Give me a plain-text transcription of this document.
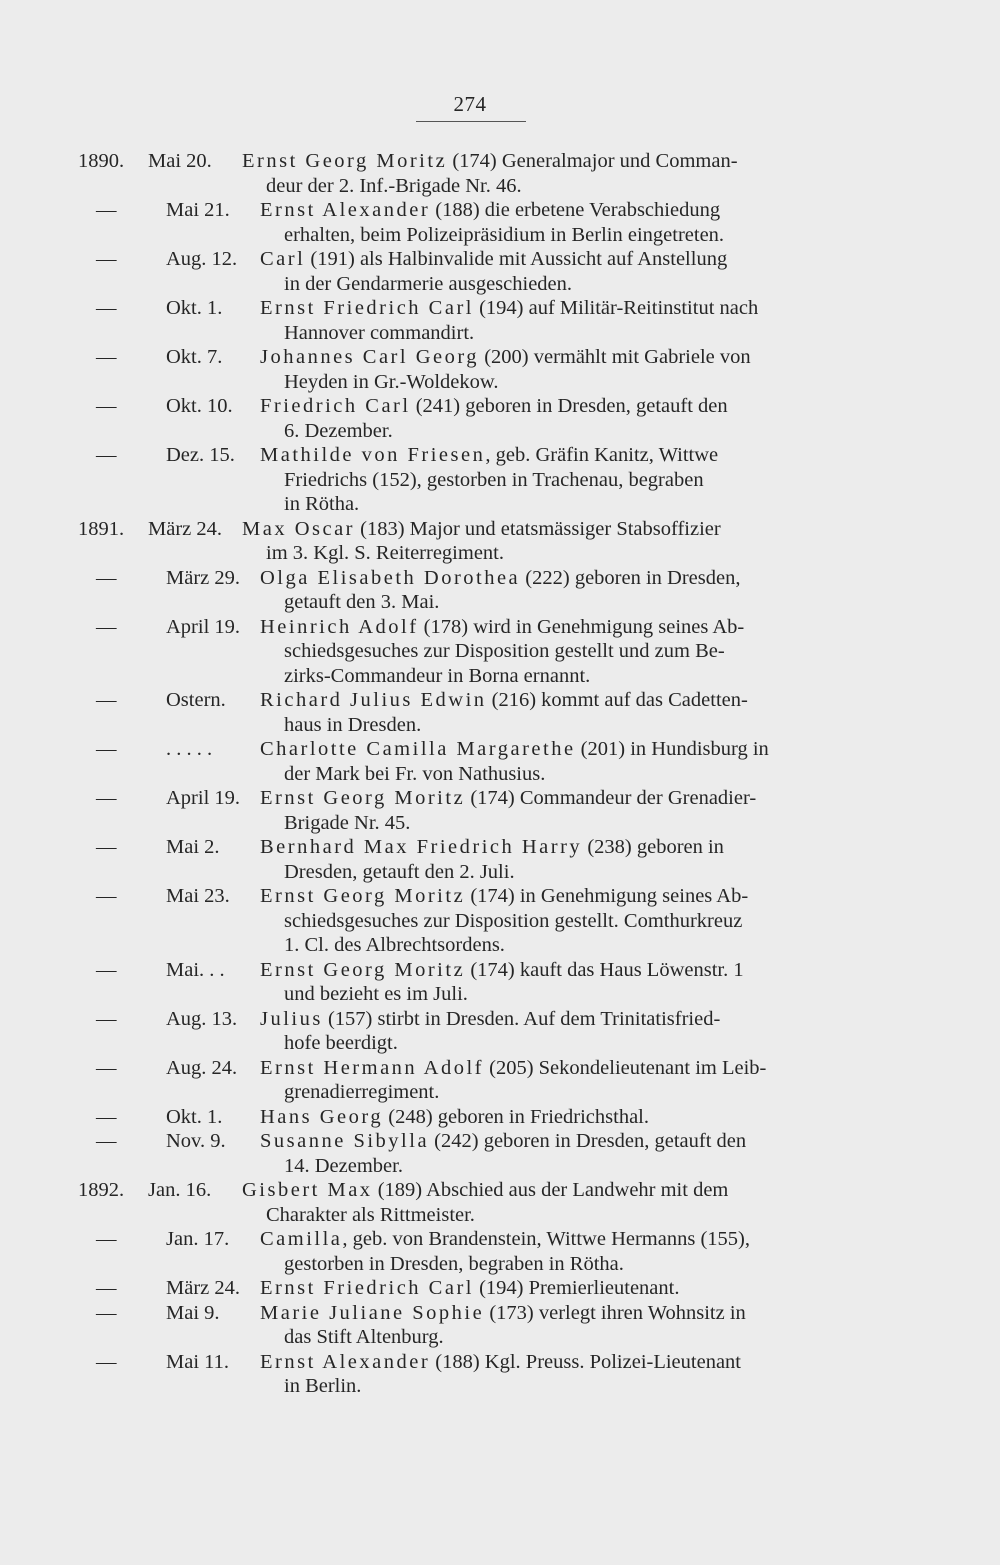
274
1890.	Mai 20.	Ernst Georg Moritz (174) Generalmajor und Comman-
deur der 2. Inf.-Brigade Nr. 46.
—	Mai 21.	Ernst Alexander (188) die erbetene Verabschiedung
erhalten, beim Polizeipräsidium in Berlin eingetreten.
—	Aug. 12.	Carl (191) als Halbinvalide mit Aussicht auf Anstellung
in der Gendarmerie ausgeschieden.
—	Okt. 1.	Ernst Friedrich Carl (194) auf Militär-Reitinstitut nach
Hannover commandirt.
—	Okt. 7.	Johannes Carl Georg (200) vermählt mit Gabriele von
Heyden in Gr.-Woldekow.
—	Okt. 10.	Friedrich Carl (241) geboren in Dresden, getauft den
6. Dezember.
—	Dez. 15.	Mathilde von Friesen, geb. Gräfin Kanitz, Wittwe
Friedrichs (152), gestorben in Trachenau, begraben
in Rötha.
1891.	März 24. Max Oscar (183) Major und etatsmässiger Stabsoffizier
im 3. Kgl. S. Reiterregiment.
—	März 29. Olga Elisabeth Dorothea (222) geboren in Dresden,
getauft den 3. Mai.
—	April 19. Heinrich Adolf (178) wird in Genehmigung seines Ab-
schiedsgesuches zur Disposition gestellt und zum Be-
zirks-Commandeur in Borna ernannt.
—	Ostern.	Richard Julius Edwin (216) kommt auf das Cadetten-
haus in Dresden.
—	. . . . .	Charlotte Camilla Margarethe (201) in Hundisburg in
der Mark bei Fr. von Nathusius.
—	April 19. Ernst Georg Moritz (174) Commandeur der Grenadier-
Brigade Nr. 45.
—	Mai 2.	Bernhard Max Friedrich Harry (238) geboren in
Dresden, getauft den 2. Juli.
—	Mai 23.	Ernst Georg Moritz (174) in Genehmigung seines Ab-
schiedsgesuches zur Disposition gestellt. Comthurkreuz
1. Cl. des Albrechtsordens.
—	Mai. . .	Ernst Georg Moritz (174) kauft das Haus Löwenstr. 1
und bezieht es im Juli.
—	Aug. 13.	Julius (157) stirbt in Dresden. Auf dem Trinitatisfried-
hofe beerdigt.
—	Aug. 24.	Ernst Hermann Adolf (205) Sekondelieutenant im Leib-
grenadierregiment.
—	Okt. 1.	Hans Georg (248) geboren in Friedrichsthal.
—	Nov. 9.	Susanne Sibylla (242) geboren in Dresden, getauft den
14. Dezember.
1892.	Jan. 16.	Gisbert Max (189) Abschied aus der Landwehr mit dem
Charakter als Rittmeister.
—	Jan. 17.	Camilla, geb. von Brandenstein, Wittwe Hermanns (155),
gestorben in Dresden, begraben in Rötha.
—	März 24. Ernst Friedrich Carl (194) Premierlieutenant.
—	Mai 9.	Marie Juliane Sophie (173) verlegt ihren Wohnsitz in
das Stift Altenburg.
—	Mai 11.	Ernst Alexander (188) Kgl. Preuss. Polizei-Lieutenant
in Berlin.
